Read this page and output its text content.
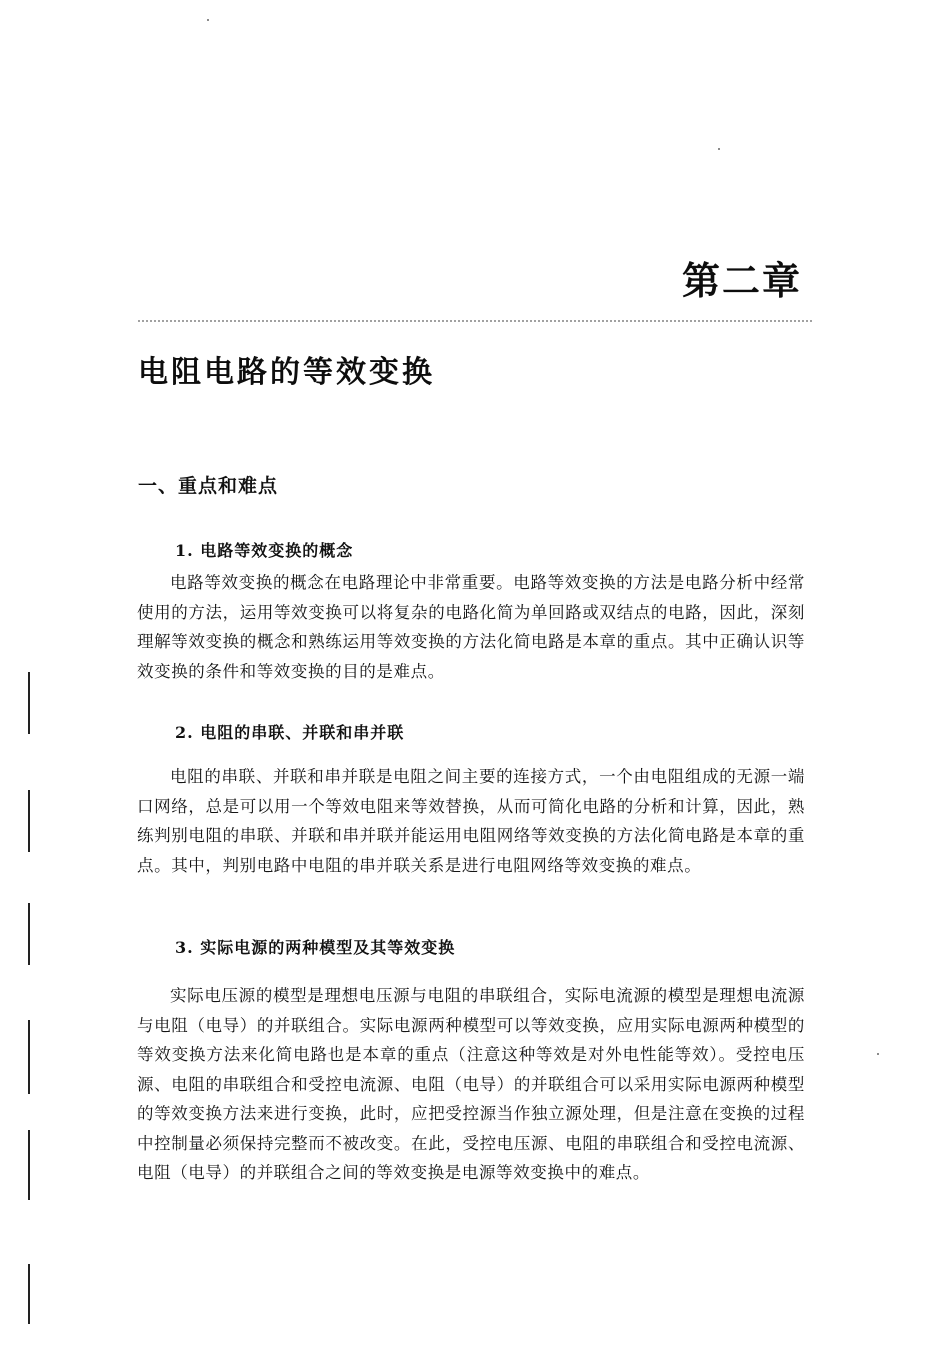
第二章
电阻电路的等效变换
一、重点和难点
1. 电路等效变换的概念

电路等效变换的概念在电路理论中非常重要。电路等效变换的方法是电路分析中经常使用的方法，运用等效变换可以将复杂的电路化简为单回路或双结点的电路，因此，深刻理解等效变换的概念和熟练运用等效变换的方法化简电路是本章的重点。其中正确认识等效变换的条件和等效变换的目的是难点。

2. 电阻的串联、并联和串并联

电阻的串联、并联和串并联是电阻之间主要的连接方式，一个由电阻组成的无源一端口网络，总是可以用一个等效电阻来等效替换，从而可简化电路的分析和计算，因此，熟练判别电阻的串联、并联和串并联并能运用电阻网络等效变换的方法化简电路是本章的重点。其中，判别电路中电阻的串并联关系是进行电阻网络等效变换的难点。

3. 实际电源的两种模型及其等效变换

实际电压源的模型是理想电压源与电阻的串联组合，实际电流源的模型是理想电流源与电阻（电导）的并联组合。实际电源两种模型可以等效变换，应用实际电源两种模型的等效变换方法来化简电路也是本章的重点（注意这种等效是对外电性能等效）。受控电压源、电阻的串联组合和受控电流源、电阻（电导）的并联组合可以采用实际电源两种模型的等效变换方法来进行变换，此时，应把受控源当作独立源处理，但是注意在变换的过程中控制量必须保持完整而不被改变。在此，受控电压源、电阻的串联组合和受控电流源、电阻（电导）的并联组合之间的等效变换是电源等效变换中的难点。
